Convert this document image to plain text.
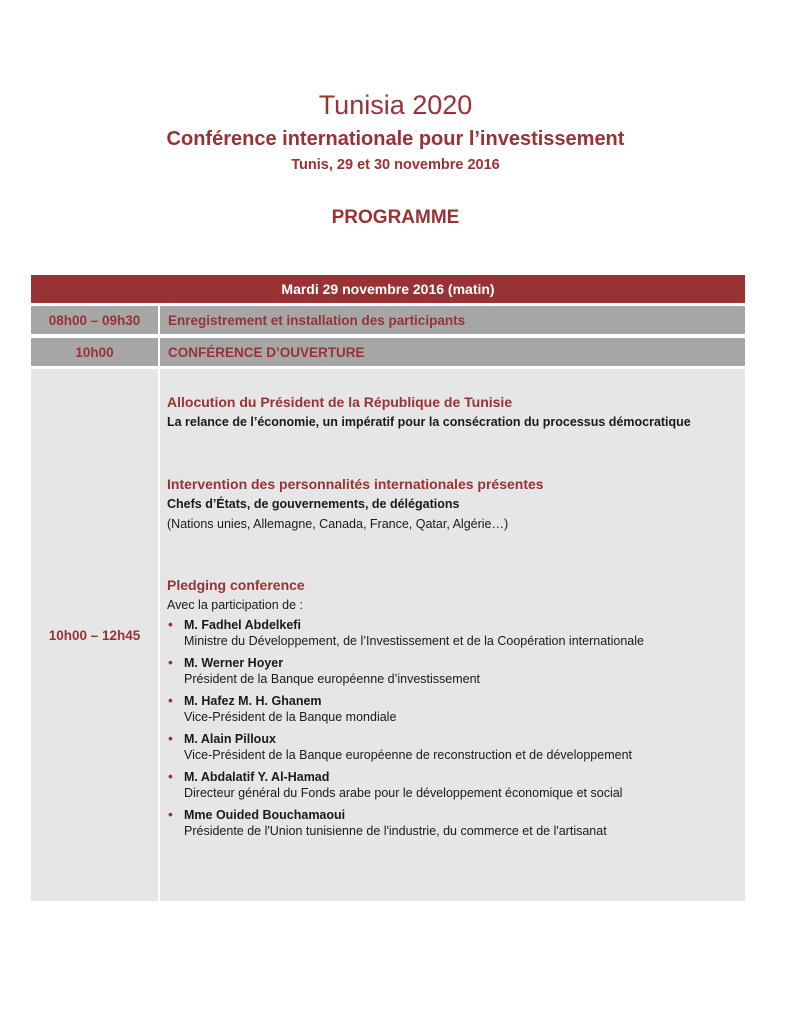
Tunisia 2020
Conférence internationale pour l’investissement
Tunis, 29 et 30 novembre 2016
PROGRAMME
Mardi 29 novembre 2016 (matin)
08h00 – 09h30	Enregistrement et installation des participants
10h00	CONFÉRENCE D’OUVERTURE
10h00 – 12h45
Allocution du Président de la République de Tunisie
La relance de l’économie, un impératif pour la consécration du processus démocratique
Intervention des personnalités internationales présentes
Chefs d’États, de gouvernements, de délégations
(Nations unies, Allemagne, Canada, France, Qatar, Algérie…)
Pledging conference
Avec la participation de :
• M. Fadhel Abdelkefi
Ministre du Développement, de l’Investissement et de la Coopération internationale
• M. Werner Hoyer
Président de la Banque européenne d’investissement
• M. Hafez M. H. Ghanem
Vice-Président de la Banque mondiale
• M. Alain Pilloux
Vice-Président de la Banque européenne de reconstruction et de développement
• M. Abdalatif Y. Al-Hamad
Directeur général du Fonds arabe pour le développement économique et social
• Mme Ouided Bouchamaoui
Présidente de l'Union tunisienne de l'industrie, du commerce et de l'artisanat
